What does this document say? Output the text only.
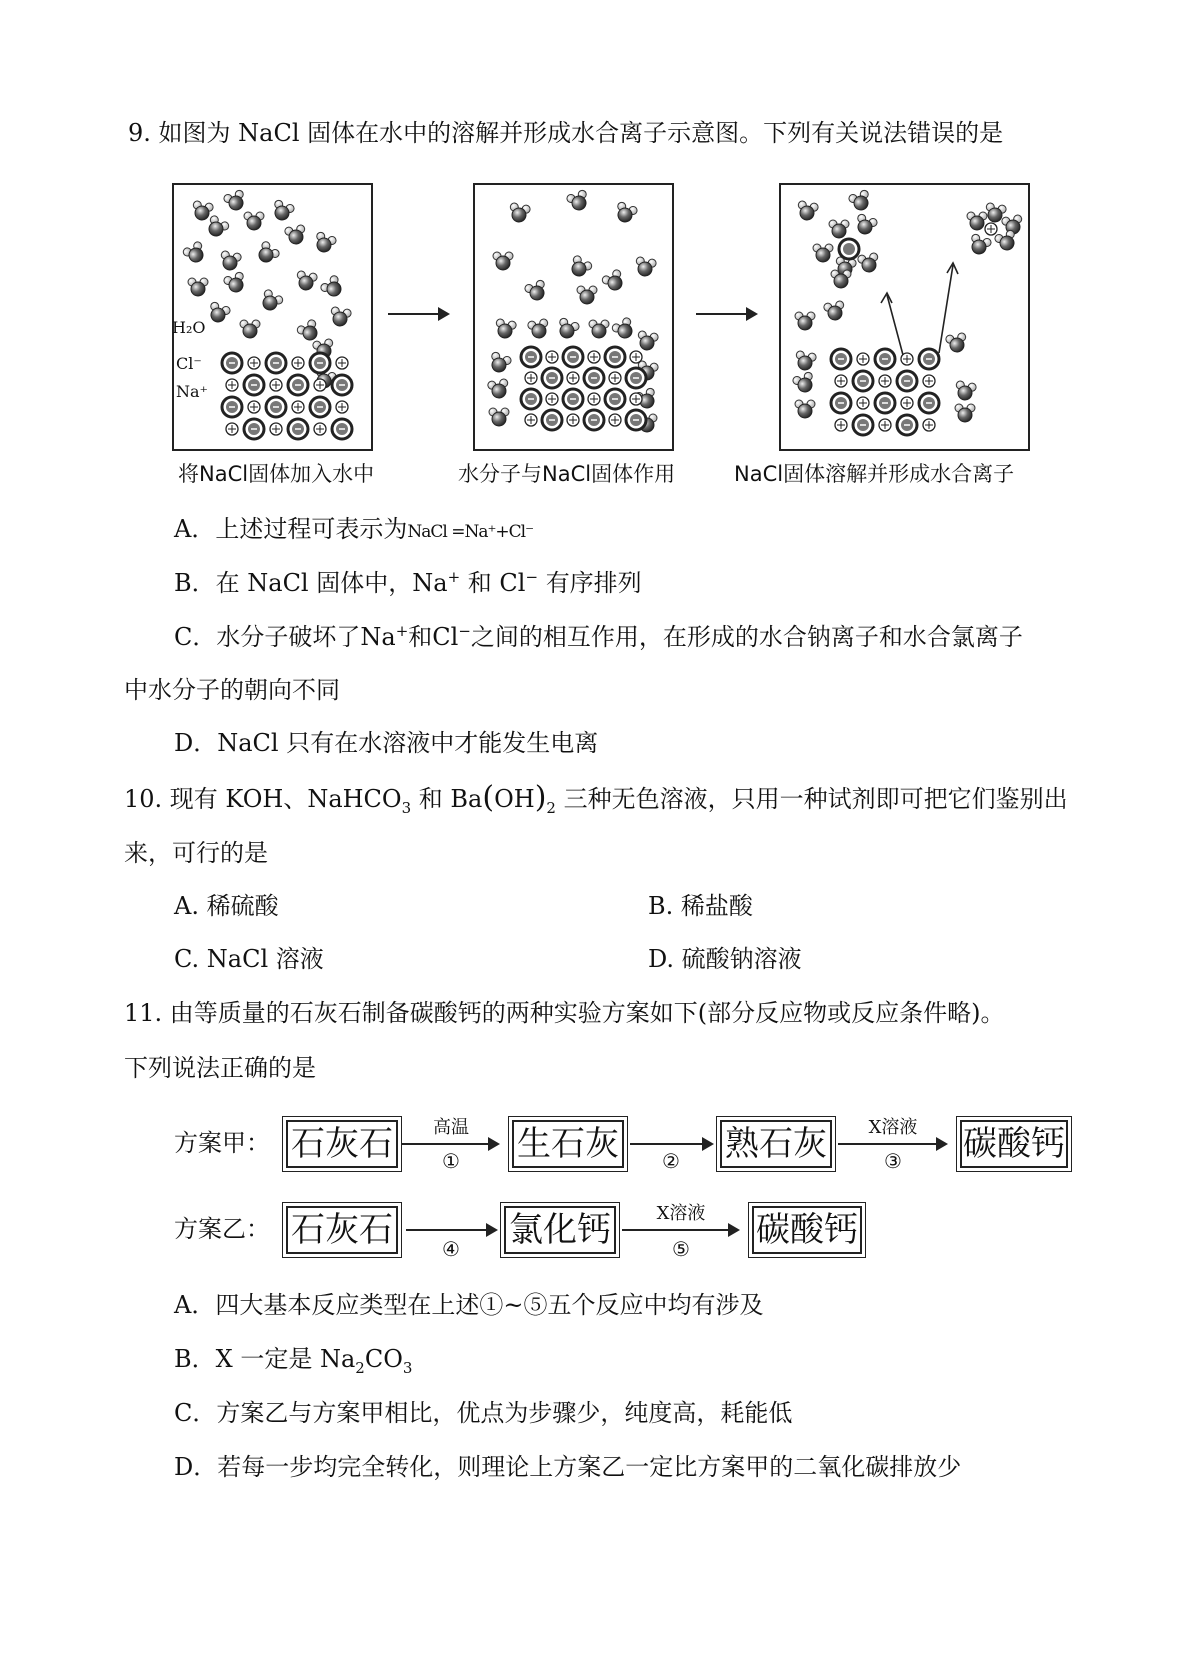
9. 如图为 NaCl 固体在水中的溶解并形成水合离子示意图。下列有关说法错误的是
H₂O
Cl⁻
Na⁺
将NaCl固体加入水中	水分子与NaCl固体作用	NaCl固体溶解并形成水合离子
A．上述过程可表示为NaCl =Na⁺+Cl⁻
B．在 NaCl 固体中，Na+ 和 Cl− 有序排列
C．水分子破坏了Na+和Cl−之间的相互作用，在形成的水合钠离子和水合氯离子
中水分子的朝向不同
D．NaCl 只有在水溶液中才能发生电离
10. 现有 KOH、NaHCO$_3$ 和 $Ba(OH)_2$ 三种无色溶液，只用一种试剂即可把它们鉴别出
来，可行的是
A. 稀硫酸	B. 稀盐酸
C. NaCl 溶液	D. 硫酸钠溶液
11. 由等质量的石灰石制备碳酸钙的两种实验方案如下(部分反应物或反应条件略)。
下列说法正确的是
方案甲： 石灰石	高温
①	生石灰	②	熟石灰	X溶液
③	碳酸钙
方案乙： 石灰石	④	氯化钙	X溶液
⑤	碳酸钙
A．四大基本反应类型在上述①~⑤五个反应中均有涉及
B．X 一定是 $Na_2CO_3$
C．方案乙与方案甲相比，优点为步骤少，纯度高，耗能低
D．若每一步均完全转化，则理论上方案乙一定比方案甲的二氧化碳排放少
